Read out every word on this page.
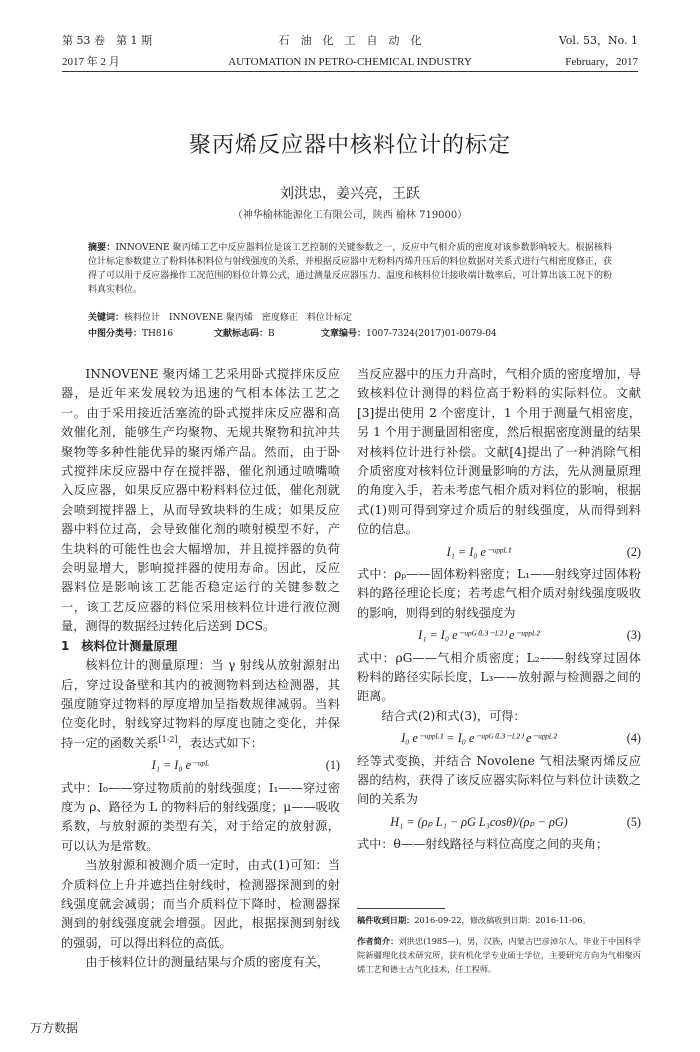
第 53 卷　第 1 期	石　油　化　工　自　动　化	Vol. 53，No. 1
2017 年 2 月	AUTOMATION IN PETRO-CHEMICAL INDUSTRY	February，2017
聚丙烯反应器中核料位计的标定
刘洪忠，姜兴亮，王跃
（神华榆林能源化工有限公司，陕西 榆林 719000）
摘要：INNOVENE 聚丙烯工艺中反应器料位是该工艺控制的关键参数之一，反应中气相介质的密度对该参数影响较大。根据核料位计标定参数建立了粉料体积料位与射线强度的关系，并根据反应器中无粉料丙烯升压后的料位数据对关系式进行气相密度修正，获得了可以用于反应器操作工况范围的料位计算公式，通过测量反应器压力、温度和核料位计接收端计数率后，可计算出该工况下的粉料真实料位。
关键词：核料位计　INNOVENE 聚丙烯　密度修正　料位计标定
中图分类号： TH816	文献标志码： B	文章编号： 1007-7324(2017)01-0079-04

INNOVENE 聚丙烯工艺采用卧式搅拌床反应器，是近年来发展较为迅速的气相本体法工艺之一。由于采用接近活塞流的卧式搅拌床反应器和高效催化剂，能够生产均聚物、无规共聚物和抗冲共聚物等多种性能优异的聚丙烯产品。然而，由于卧式搅拌床反应器中存在搅拌器，催化剂通过喷嘴喷入反应器，如果反应器中粉料料位过低，催化剂就会喷到搅拌器上，从而导致块料的生成；如果反应器中料位过高，会导致催化剂的喷射模型不好，产生块料的可能性也会大幅增加，并且搅拌器的负荷会明显增大，影响搅拌器的使用寿命。因此，反应器料位是影响该工艺能否稳定运行的关键参数之一，该工艺反应器的料位采用核料位计进行液位测量，测得的数据经过转化后送到 DCS。

1　核料位计测量原理

核料位计的测量原理：当 γ 射线从放射源射出后，穿过设备壁和其内的被测物料到达检测器，其强度随穿过物料的厚度增加呈指数规律减弱。当料位变化时，射线穿过物料的厚度也随之变化，并保持一定的函数关系[1-2]，表达式如下：

I₁ = I₀ e⁻ᵘᵖᴸ	(1)

式中：I₀——穿过物质前的射线强度；I₁——穿过密度为 ρ、路径为 L 的物料后的射线强度；μ——吸收系数，与放射源的类型有关，对于给定的放射源，可以认为是常数。

当放射源和被测介质一定时，由式(1)可知：当介质料位上升并遮挡住射线时，检测器探测到的射线强度就会减弱；而当介质料位下降时，检测器探测到的射线强度就会增强。因此，根据探测到射线的强弱，可以得出料位的高低。

由于核料位计的测量结果与介质的密度有关，

当反应器中的压力升高时，气相介质的密度增加，导致核料位计测得的料位高于粉料的实际料位。文献[3]提出使用 2 个密度计，1 个用于测量气相密度，另 1 个用于测量固相密度，然后根据密度测量的结果对核料位计进行补偿。文献[4]提出了一种消除气相介质密度对核料位计测量影响的方法，先从测量原理的角度入手，若未考虑气相介质对料位的影响，根据式(1)则可得到穿过介质后的射线强度，从而得到料位的信息。

I₁ = I₀ e⁻ᵘᵖᵖᴸ¹	(2)

式中：ρₚ——固体粉料密度；L₁——射线穿过固体粉料的路径理论长度；若考虑气相介质对射线强度吸收的影响，则得到的射线强度为

I₁ = I₀ e⁻ᵘᵖᴳ⁽ᴸ³⁻ᴸ²⁾ e⁻ᵘᵖᵖᴸ²	(3)

式中：ρG——气相介质密度；L₂——射线穿过固体粉料的路径实际长度，L₃——放射源与检测器之间的距离。

结合式(2)和式(3)，可得：

I₀ e⁻ᵘᵖᵖᴸ¹ = I₀ e⁻ᵘᵖᴳ⁽ᴸ³⁻ᴸ²⁾ e⁻ᵘᵖᵖᴸ²	(4)

经等式变换，并结合 Novolene 气相法聚丙烯反应器的结构，获得了该反应器实际料位与料位计读数之间的关系为

H₁ = (ρₚ L₁ − ρG L₃cosθ)/(ρₚ − ρG)	(5)

式中：θ——射线路径与料位高度之间的夹角；

稿件收到日期：2016-09-22，修改稿收到日期：2016-11-06。
作者简介：刘洪忠(1985—)，男，汉族，内蒙古巴彦淖尔人，毕业于中国科学院新疆理化技术研究所，获有机化学专业硕士学位，主要研究方向为气相聚丙烯工艺和德士古气化技术，任工程师。
万方数据
